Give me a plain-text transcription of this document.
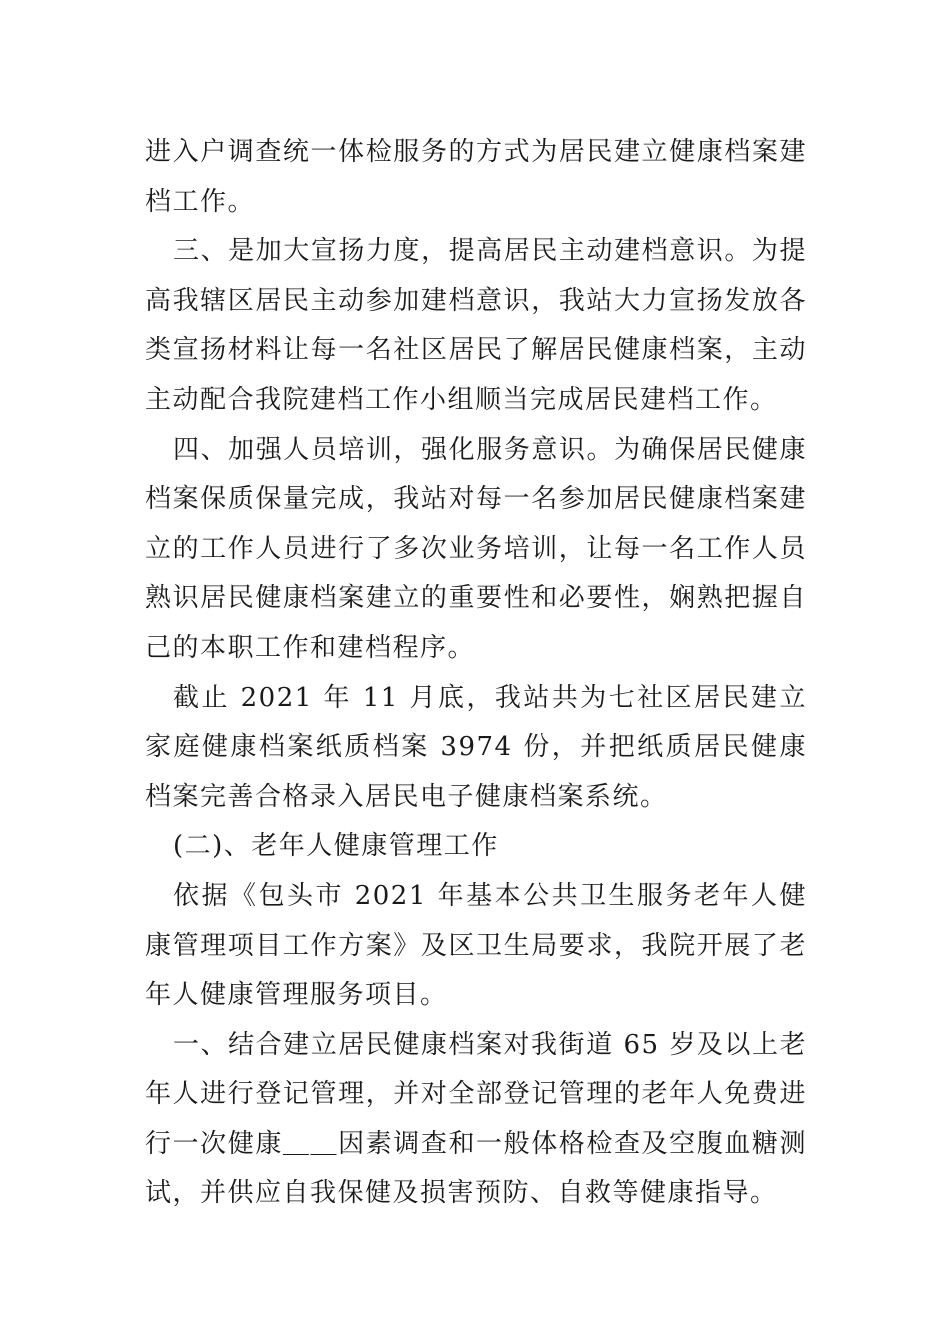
进入户调查统一体检服务的方式为居民建立健康档案建档工作。

三、是加大宣扬力度，提高居民主动建档意识。为提高我辖区居民主动参加建档意识，我站大力宣扬发放各类宣扬材料让每一名社区居民了解居民健康档案，主动主动配合我院建档工作小组顺当完成居民建档工作。

四、加强人员培训，强化服务意识。为确保居民健康档案保质保量完成，我站对每一名参加居民健康档案建立的工作人员进行了多次业务培训，让每一名工作人员熟识居民健康档案建立的重要性和必要性，娴熟把握自己的本职工作和建档程序。

截止 2021 年 11 月底，我站共为七社区居民建立家庭健康档案纸质档案 3974 份，并把纸质居民健康档案完善合格录入居民电子健康档案系统。

(二)、老年人健康管理工作

依据《包头市 2021 年基本公共卫生服务老年人健康管理项目工作方案》及区卫生局要求，我院开展了老年人健康管理服务项目。

一、结合建立居民健康档案对我街道 65 岁及以上老年人进行登记管理，并对全部登记管理的老年人免费进行一次健康＿＿因素调查和一般体格检查及空腹血糖测试，并供应自我保健及损害预防、自救等健康指导。
